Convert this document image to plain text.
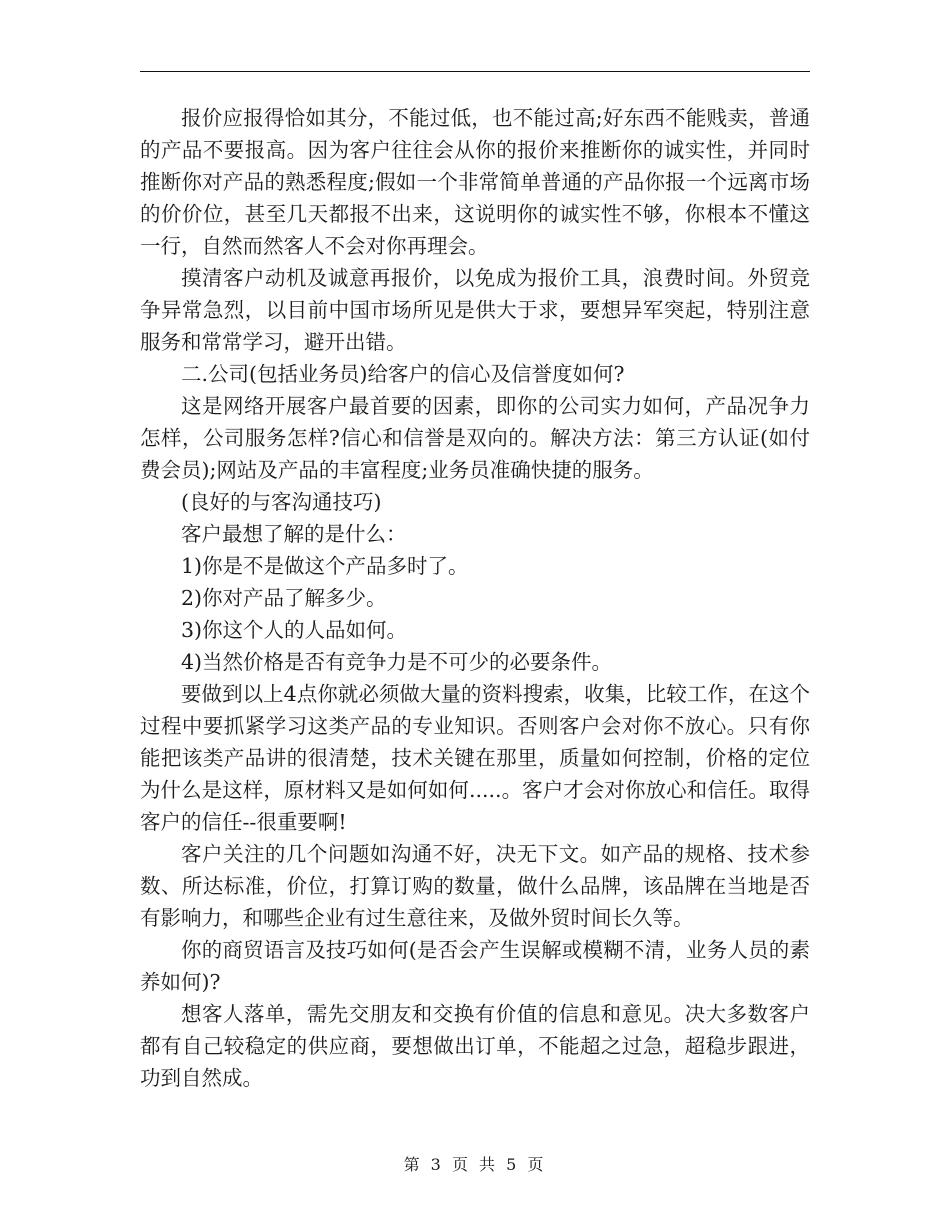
报价应报得恰如其分，不能过低，也不能过高;好东西不能贱卖，普通的产品不要报高。因为客户往往会从你的报价来推断你的诚实性，并同时推断你对产品的熟悉程度;假如一个非常简单普通的产品你报一个远离市场的价价位，甚至几天都报不出来，这说明你的诚实性不够，你根本不懂这一行，自然而然客人不会对你再理会。

摸清客户动机及诚意再报价，以免成为报价工具，浪费时间。外贸竞争异常急烈，以目前中国市场所见是供大于求，要想异军突起，特别注意服务和常常学习，避开出错。

二.公司(包括业务员)给客户的信心及信誉度如何?

这是网络开展客户最首要的因素，即你的公司实力如何，产品况争力怎样，公司服务怎样?信心和信誉是双向的。解决方法：第三方认证(如付费会员);网站及产品的丰富程度;业务员准确快捷的服务。

(良好的与客沟通技巧)

客户最想了解的是什么：

1)你是不是做这个产品多时了。

2)你对产品了解多少。

3)你这个人的人品如何。

4)当然价格是否有竞争力是不可少的必要条件。

要做到以上4点你就必须做大量的资料搜索，收集，比较工作，在这个过程中要抓紧学习这类产品的专业知识。否则客户会对你不放心。只有你能把该类产品讲的很清楚，技术关键在那里，质量如何控制，价格的定位为什么是这样，原材料又是如何如何.....。客户才会对你放心和信任。取得客户的信任--很重要啊!

客户关注的几个问题如沟通不好，决无下文。如产品的规格、技术参数、所达标准，价位，打算订购的数量，做什么品牌，该品牌在当地是否有影响力，和哪些企业有过生意往来，及做外贸时间长久等。

你的商贸语言及技巧如何(是否会产生误解或模糊不清，业务人员的素养如何)?

想客人落单，需先交朋友和交换有价值的信息和意见。决大多数客户都有自己较稳定的供应商，要想做出订单，不能超之过急，超稳步跟进，功到自然成。

第 3 页 共 5 页
